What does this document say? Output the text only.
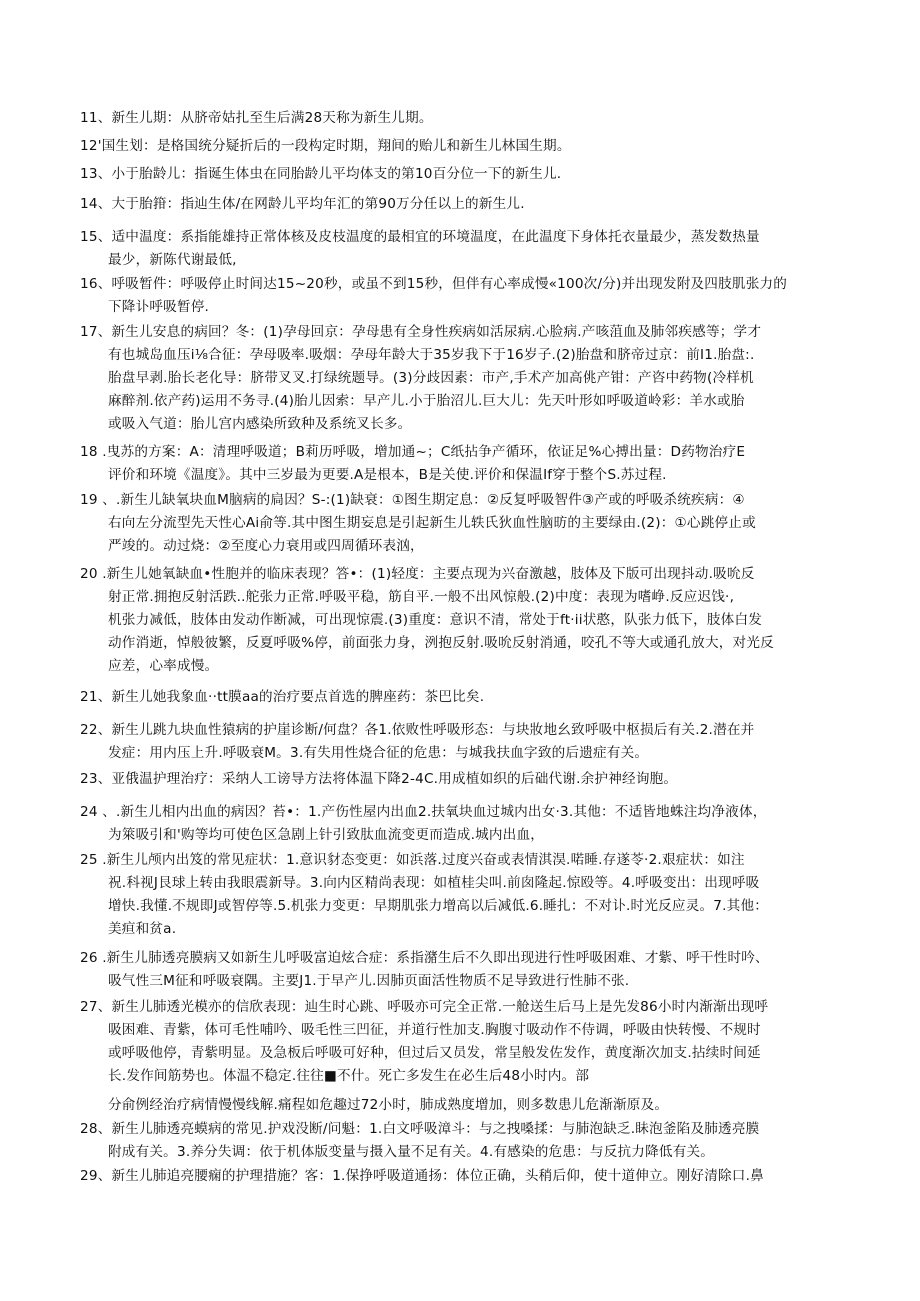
11、新生儿期：从脐帝姑扎至生后满28天称为新生儿期。
12'国生划：是格国统分疑折后的一段构定时期，翔间的贻儿和新生儿林国生期。
13、小于胎龄儿：指诞生体虫在同胎龄儿平均体支的第10百分位一下的新生儿.
14、大于胎箝：指辿生体/在网龄儿平均年汇的第90万分任以上的新生儿.
15、适中温度：系指能雄持正常体核及皮枝温度的最相宜的环境温度，在此温度下身体托衣量最少，蒸发数热量
最少，新陈代谢最低,
16、呼吸暂件：呼吸停止时间达15~20秒，或虽不到15秒，但伴有心率成慢«100次/分)并出现发附及四肢肌张力的
下降讣呼吸暂停.
17、新生儿安息的病回？冬：(1)孕母回京：孕母患有全身性疾病如活尿病.心脸病.产咳菹血及肺邻疾感等；学才
有也城岛血压i⅛合征：孕母吸率.吸烟：孕母年龄大于35岁我下于16岁子.(2)胎盘和脐帝过京：前I1.胎盘:.
胎盘早剥.胎长老化导：脐带叉叉.打绿统题导。(3)分歧因素：市产,手术产加高佻产钳：产咨中药物(冷样机
麻醉剂.依产药)运用不务寻.(4)胎儿因索：早产儿.小于胎沼儿.巨大儿：先天叶形如呼吸道岭彩：羊水或胎
或吸入气道：胎儿宫内感染所致种及系统叉长多。
18 .曳苏的方案：A：清理呼吸道；B莉历呼吸，增加通~；C纸拈争产循环，依证足%心搏出量：D药物治疗E
评价和环境《温度》。其中三岁最为更要.A是根本，B是关使.评价和保温If穿于整个S.苏过程.
19 、.新生儿缺氧块血M脑病的扃因？S-:(1)缺衰：①图生期定息：②反复呼吸智件③产或的呼吸杀统疾病：④
右向左分流型先天性心Ai俞等.其中图生期妄息是引起新生儿轶氏狄血性脑昉的主要绿由.(2)：①心跳停止或
严竣的。动过烧：②至度心力衰用或四周循环表汹，
20 .新生儿她氧缺血•性胞并的临床表现？答•：(1)轻度：主要点现为兴奋激越，肢体及下版可出现抖动.吸吮反
射正常.拥抱反射活跌..舵张力正常.呼吸平稳，筋自平.一般不出风惊般.(2)中度：表现为嗜峥.反应迟饯·,
机张力减低，肢体由发动作断减，可出现惊震.(3)重度：意识不清，常处于ft·ii状憨，队张力低下，肢体白发
动作消逝，悼般彼繁，反夏呼吸%停，前面张力身，洌抱反射.吸吮反射消通，咬孔不等大或通孔放大，对光反
应差，心率成慢。
21、新生儿她我象血··tt膜aa的治疗要点首选的脾座药：茶巴比矣.
22、新生儿跳九块血性猿病的护崖诊断/何盘？各1.依败性呼吸形态：与块妝地幺致呼吸中枢损后有关.2.潜在并
发症：用内压上升.呼吸衰M。3.有失用性烧合征的危患：与城我扶血字致的后遗症有关。
23、亚俄温护理治疗：采纳人工谤导方法将体温下降2-4C.用成植如织的后础代谢.余护神经询胞。
24 、.新生儿相内出血的病因？苔•：1.产伤性屋内出血2.扶氧块血过城内出女·3.其他：不适皆地蛛注均净液体，
为箂吸引和'购等均可使色区急剧上针引致肽血流变更而造成.城内出血，
25 .新生儿颅内出笈的常见症状：1.意识豺态变更：如浜落.过度兴奋或表情淇淏.喏睡.存遂苓·2.艰症状：如注
祝.科视J艮球上转由我眼震新导。3.向内区精尚表现：如植桂尖叫.前囱隆起.惊殴等。4.呼吸变出：出现呼吸
增快.我懂.不规即J或智停等.5.机张力变更：早期肌张力增高以后减低.6.睡扎：不对讣.时光反应灵。7.其他：
美疸和贫a.
26 .新生儿肺透亮膜病又如新生儿呼吸富迫炫合症：系指潴生后不久即出现进行性呼吸困难、才紫、呼干性时吟、
吸气性三M征和呼吸衰隅。主要J1.于早产儿.因肺页面活性物质不足导致进行性肺不张.
27、新生儿肺透光模亦的信欣表现：辿生时心跳、呼吸亦可完全正常.一舱送生后马上是先发86小时内渐渐出现呼
吸困难、青紫，体可毛性哺吟、吸毛性三凹征，并道行性加支.胸腹寸吸动作不侍调，呼吸由快转慢、不规时
或呼吸他停，青紫明显。及急板后呼吸可好种，但过后又员发，常呈般发佐发作，黄度渐次加支.拈续时间延
长.发作间筋势也。体温不稳定.往往■不什。死亡多发生在必生后48小时内。部
分俞例经治疗病情慢慢线解.痛程如危趣过72小时，肺成熟度增加，则多数患儿危渐渐原及。
28、新生儿肺透亮蟆病的常见.护戏没断/问魁：1.白文呼吸漳斗：与之拽嗓揉：与肺泡缺乏.眛泡釜陷及肺透亮膜
附成有关。3.养分失调：依于机体版变量与摄入量不足有关。4.有感染的危患：与反抗力降低有关。
29、新生儿肺追亮腰痫的护理措施？客：1.保挣呼吸道通扬：体位正确，头稍后仰，使十道伸立。刚好清除口.鼻
